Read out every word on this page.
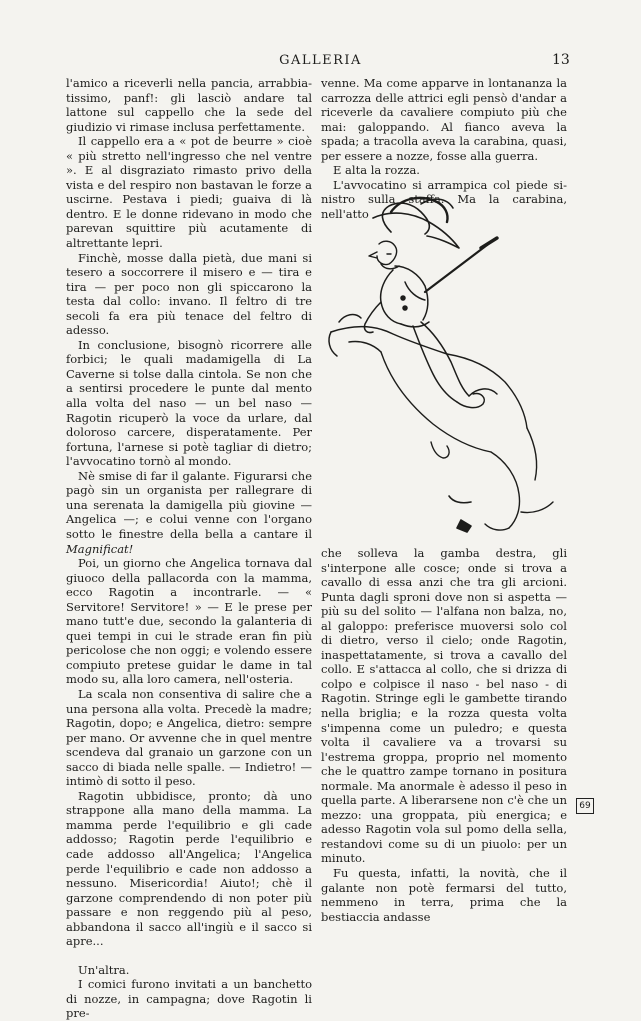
GALLERIA	13

l'amico a riceverli nella pancia, arrabbiatissimo, panf!: gli lasciò andare tal lattone sul cappello che la sede del giudizio vi rimase inclusa perfettamente.

Il cappello era a « pot de beurre » cioè « più stretto nell'ingresso che nel ventre ». E al disgraziato rimasto privo della vista e del respiro non bastavan le forze a uscirne. Pestava i piedi; guaiva di là dentro. E le donne ridevano in modo che parevan squittire più acutamente di altrettante lepri.

Finchè, mosse dalla pietà, due mani si tesero a soccorrere il misero e — tira e tira — per poco non gli spiccarono la testa dal collo: invano. Il feltro di tre secoli fa era più tenace del feltro di adesso.

In conclusione, bisognò ricorrere alle forbici; le quali madamigella di La Caverne si tolse dalla cintola. Se non che a sentirsi procedere le punte dal mento alla volta del naso — un bel naso — Ragotin ricuperò la voce da urlare, dal doloroso carcere, disperatamente. Per fortuna, l'arnese si potè tagliar di dietro; l'avvocatino tornò al mondo.

Nè smise di far il galante. Figurarsi che pagò sin un organista per rallegrare di una serenata la damigella più giovine — Angelica —; e colui venne con l'organo sotto le finestre della bella a cantare il Magnificat!

Poi, un giorno che Angelica tornava dal giuoco della pallacorda con la mamma, ecco Ragotin a incontrarle. — « Servitore! Servitore! » — E le prese per mano tutt'e due, secondo la galanteria di quei tempi in cui le strade eran fin più pericolose che non oggi; e volendo essere compiuto pretese guidar le dame in tal modo su, alla loro camera, nell'osteria.

La scala non consentiva di salire che a una persona alla volta. Precedè la madre; Ragotin, dopo; e Angelica, dietro: sempre per mano. Or avvenne che in quel mentre scendeva dal granaio un garzone con un sacco di biada nelle spalle. — Indietro! — intimò di sotto il peso.

Ragotin ubbidisce, pronto; dà uno strappone alla mano della mamma. La mamma perde l'equilibrio e gli cade addosso; Ragotin perde l'equilibrio e cade addosso all'Angelica; l'Angelica perde l'equilibrio e cade non addosso a nessuno. Misericordia! Aiuto!; chè il garzone comprendendo di non poter più passare e non reggendo più al peso, abbandona il sacco all'ingiù e il sacco si apre...

Un'altra.

I comici furono invitati a un banchetto di nozze, in campagna; dove Ragotin li pre-

venne. Ma come apparve in lontananza la carrozza delle attrici egli pensò d'andar a riceverle da cavaliere compiuto più che mai: galoppando. Al fianco aveva la spada; a tracolla aveva la carabina, quasi, per essere a nozze, fosse alla guerra.

E alta la rozza.

L'avvocatino si arrampica col piede sinistro sulla staffa. Ma la carabina, nell'atto

che solleva la gamba destra, gli s'interpone alle cosce; onde si trova a cavallo di essa anzi che tra gli arcioni. Punta dagli sproni dove non si aspetta — più su del solito — l'alfana non balza, no, al galoppo: preferisce muoversi solo col di dietro, verso il cielo; onde Ragotin, inaspettatamente, si trova a cavallo del collo. E s'attacca al collo, che si drizza di colpo e colpisce il naso - bel naso - di Ragotin. Stringe egli le gambette tirando nella briglia; e la rozza questa volta s'impenna come un puledro; e questa volta il cavaliere va a trovarsi su l'estrema groppa, proprio nel momento che le quattro zampe tornano in positura normale. Ma anormale è adesso il peso in quella parte. A liberarsene non c'è che un mezzo: una groppata, più energica; e adesso Ragotin vola sul pomo della sella, restandovi come su di un piuolo: per un minuto.

Fu questa, infatti, la novità, che il galante non potè fermarsi del tutto, nemmeno in terra, prima che la bestiaccia andasse

69
